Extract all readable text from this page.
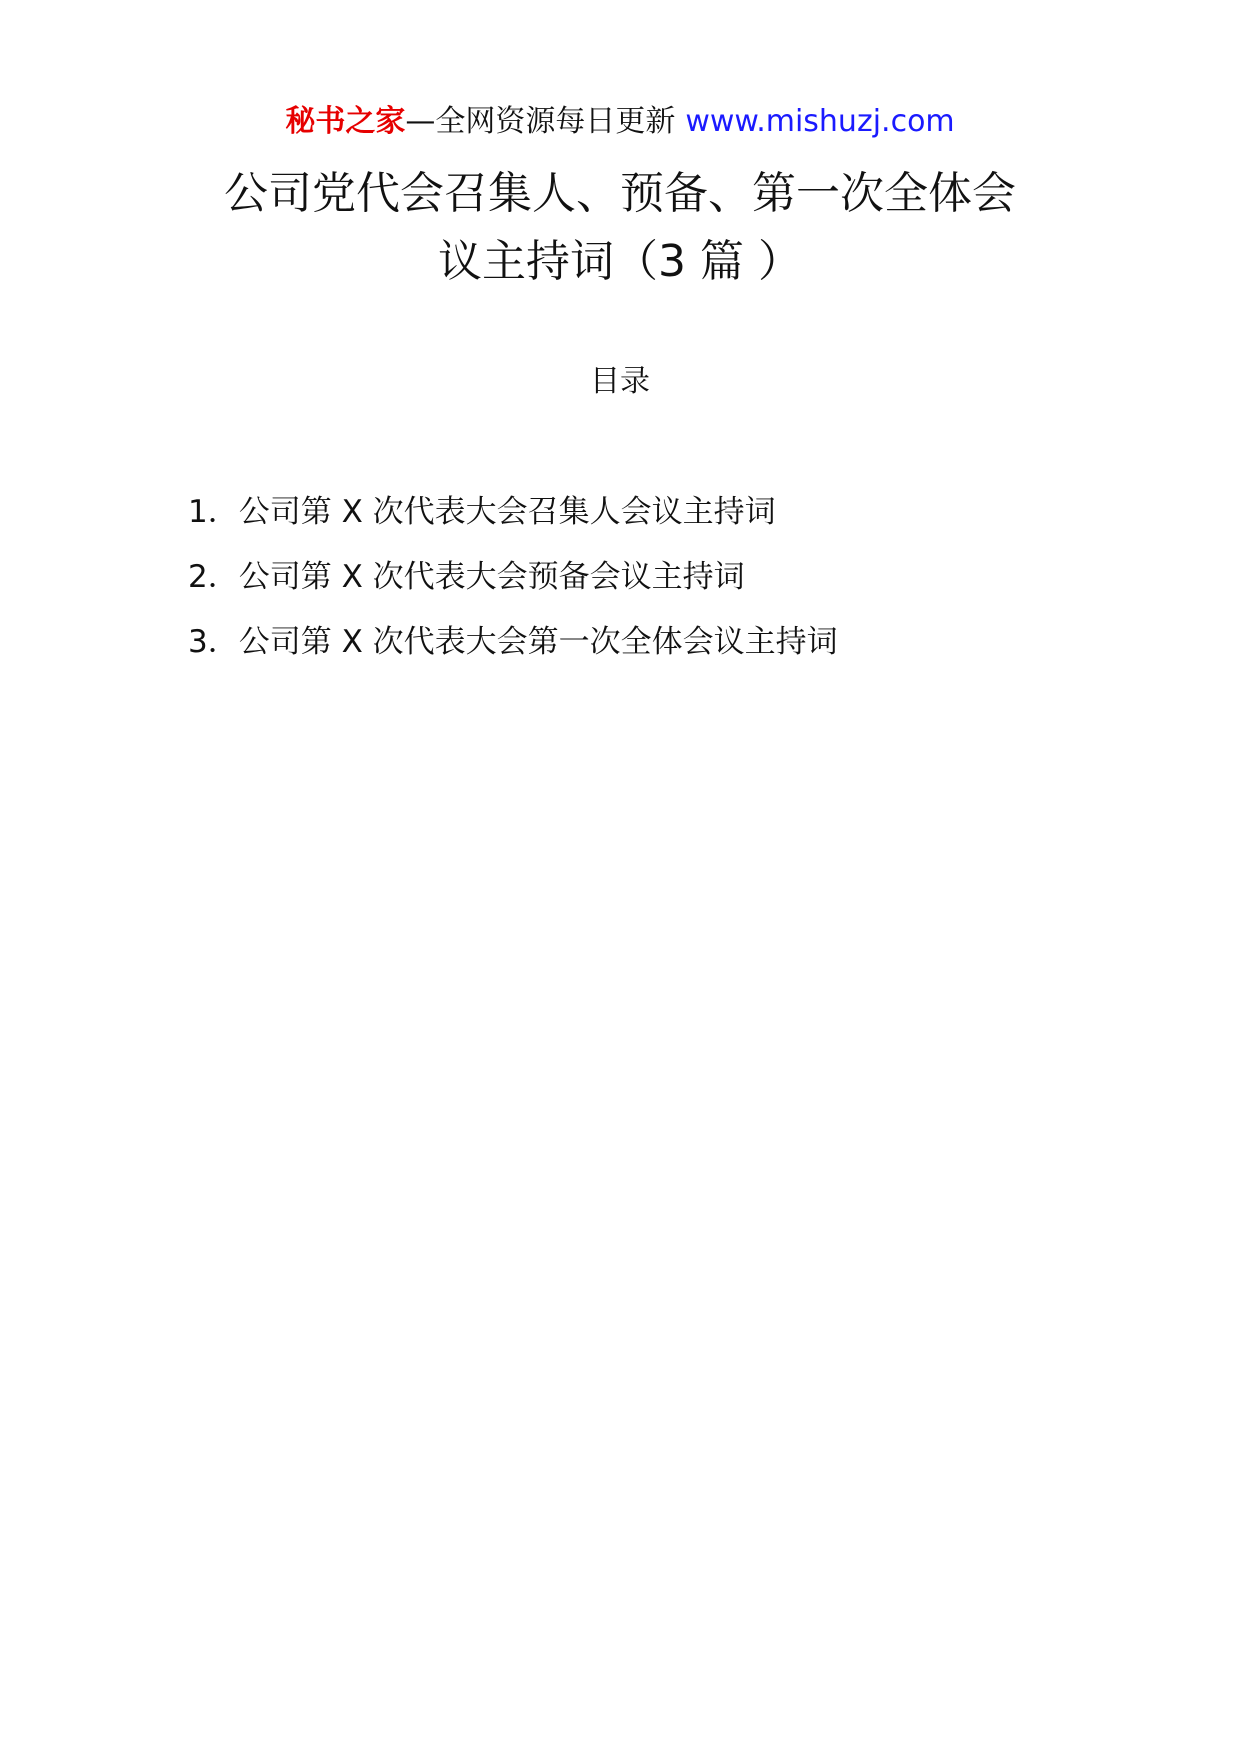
秘书之家—全网资源每日更新 www.mishuzj.com
公司党代会召集人、预备、第一次全体会
议主持词（3 篇 ）
目录
1．公司第 X 次代表大会召集人会议主持词
2．公司第 X 次代表大会预备会议主持词
3．公司第 X 次代表大会第一次全体会议主持词
